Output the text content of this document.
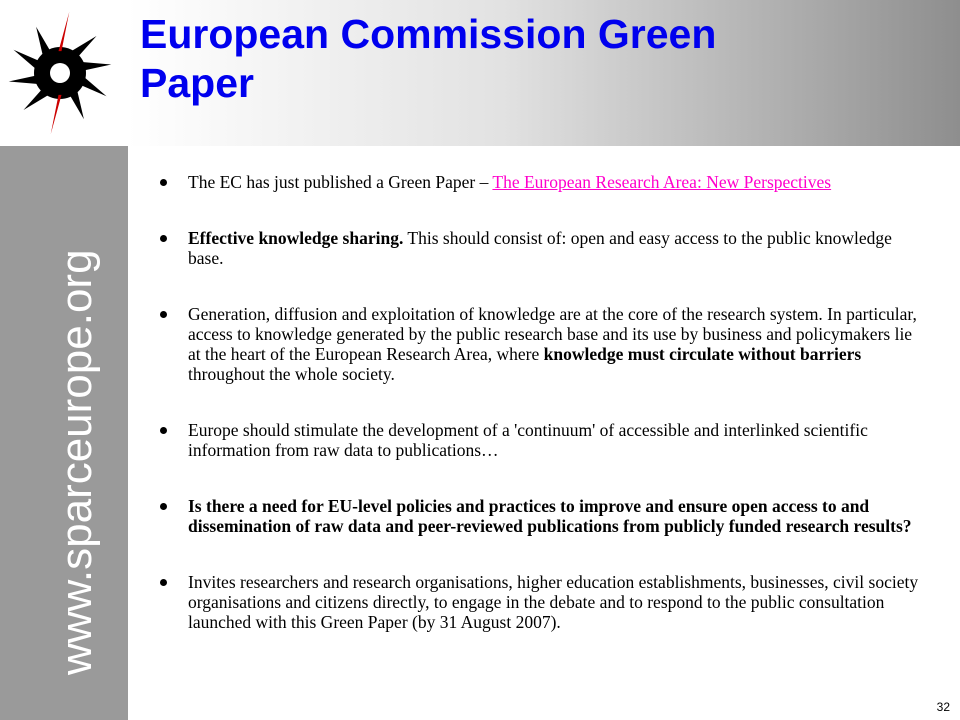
European Commission Green Paper
www.sparceurope.org

The EC has just published a Green Paper – The European Research Area: New Perspectives

Effective knowledge sharing. This should consist of: open and easy access to the public knowledge base.

Generation, diffusion and exploitation of knowledge are at the core of the research system. In particular, access to knowledge generated by the public research base and its use by business and policymakers lie at the heart of the European Research Area, where knowledge must circulate without barriers throughout the whole society.

Europe should stimulate the development of a 'continuum' of accessible and interlinked scientific information from raw data to publications…

Is there a need for EU-level policies and practices to improve and ensure open access to and dissemination of raw data and peer-reviewed publications from publicly funded research results?

Invites researchers and research organisations, higher education establishments, businesses, civil society organisations and citizens directly, to engage in the debate and to respond to the public consultation launched with this Green Paper (by 31 August 2007).

32
